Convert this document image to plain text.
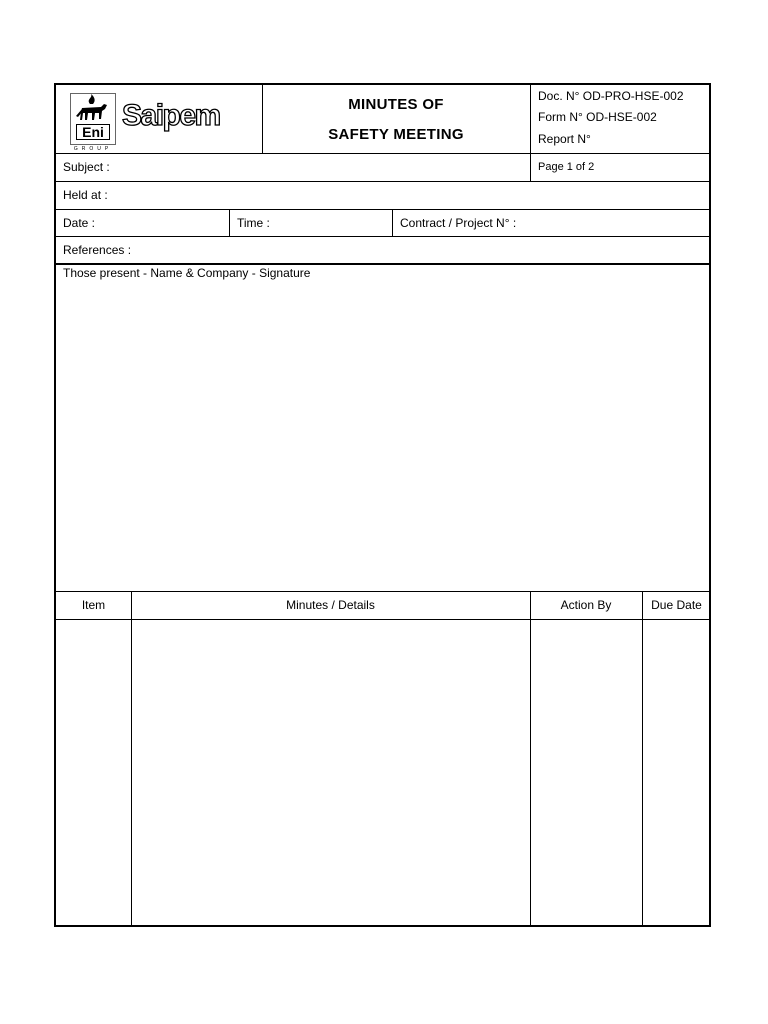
Eni
GROUP
Saipem	MINUTES OF
SAFETY MEETING
Doc. N° OD-PRO-HSE-002
Form N° OD-HSE-002
Report N°
Subject :	Page 1 of 2
Held at :
Date :	Time :	Contract / Project N° :
References :
Those present - Name & Company - Signature
Item	Minutes / Details	Action By	Due Date
